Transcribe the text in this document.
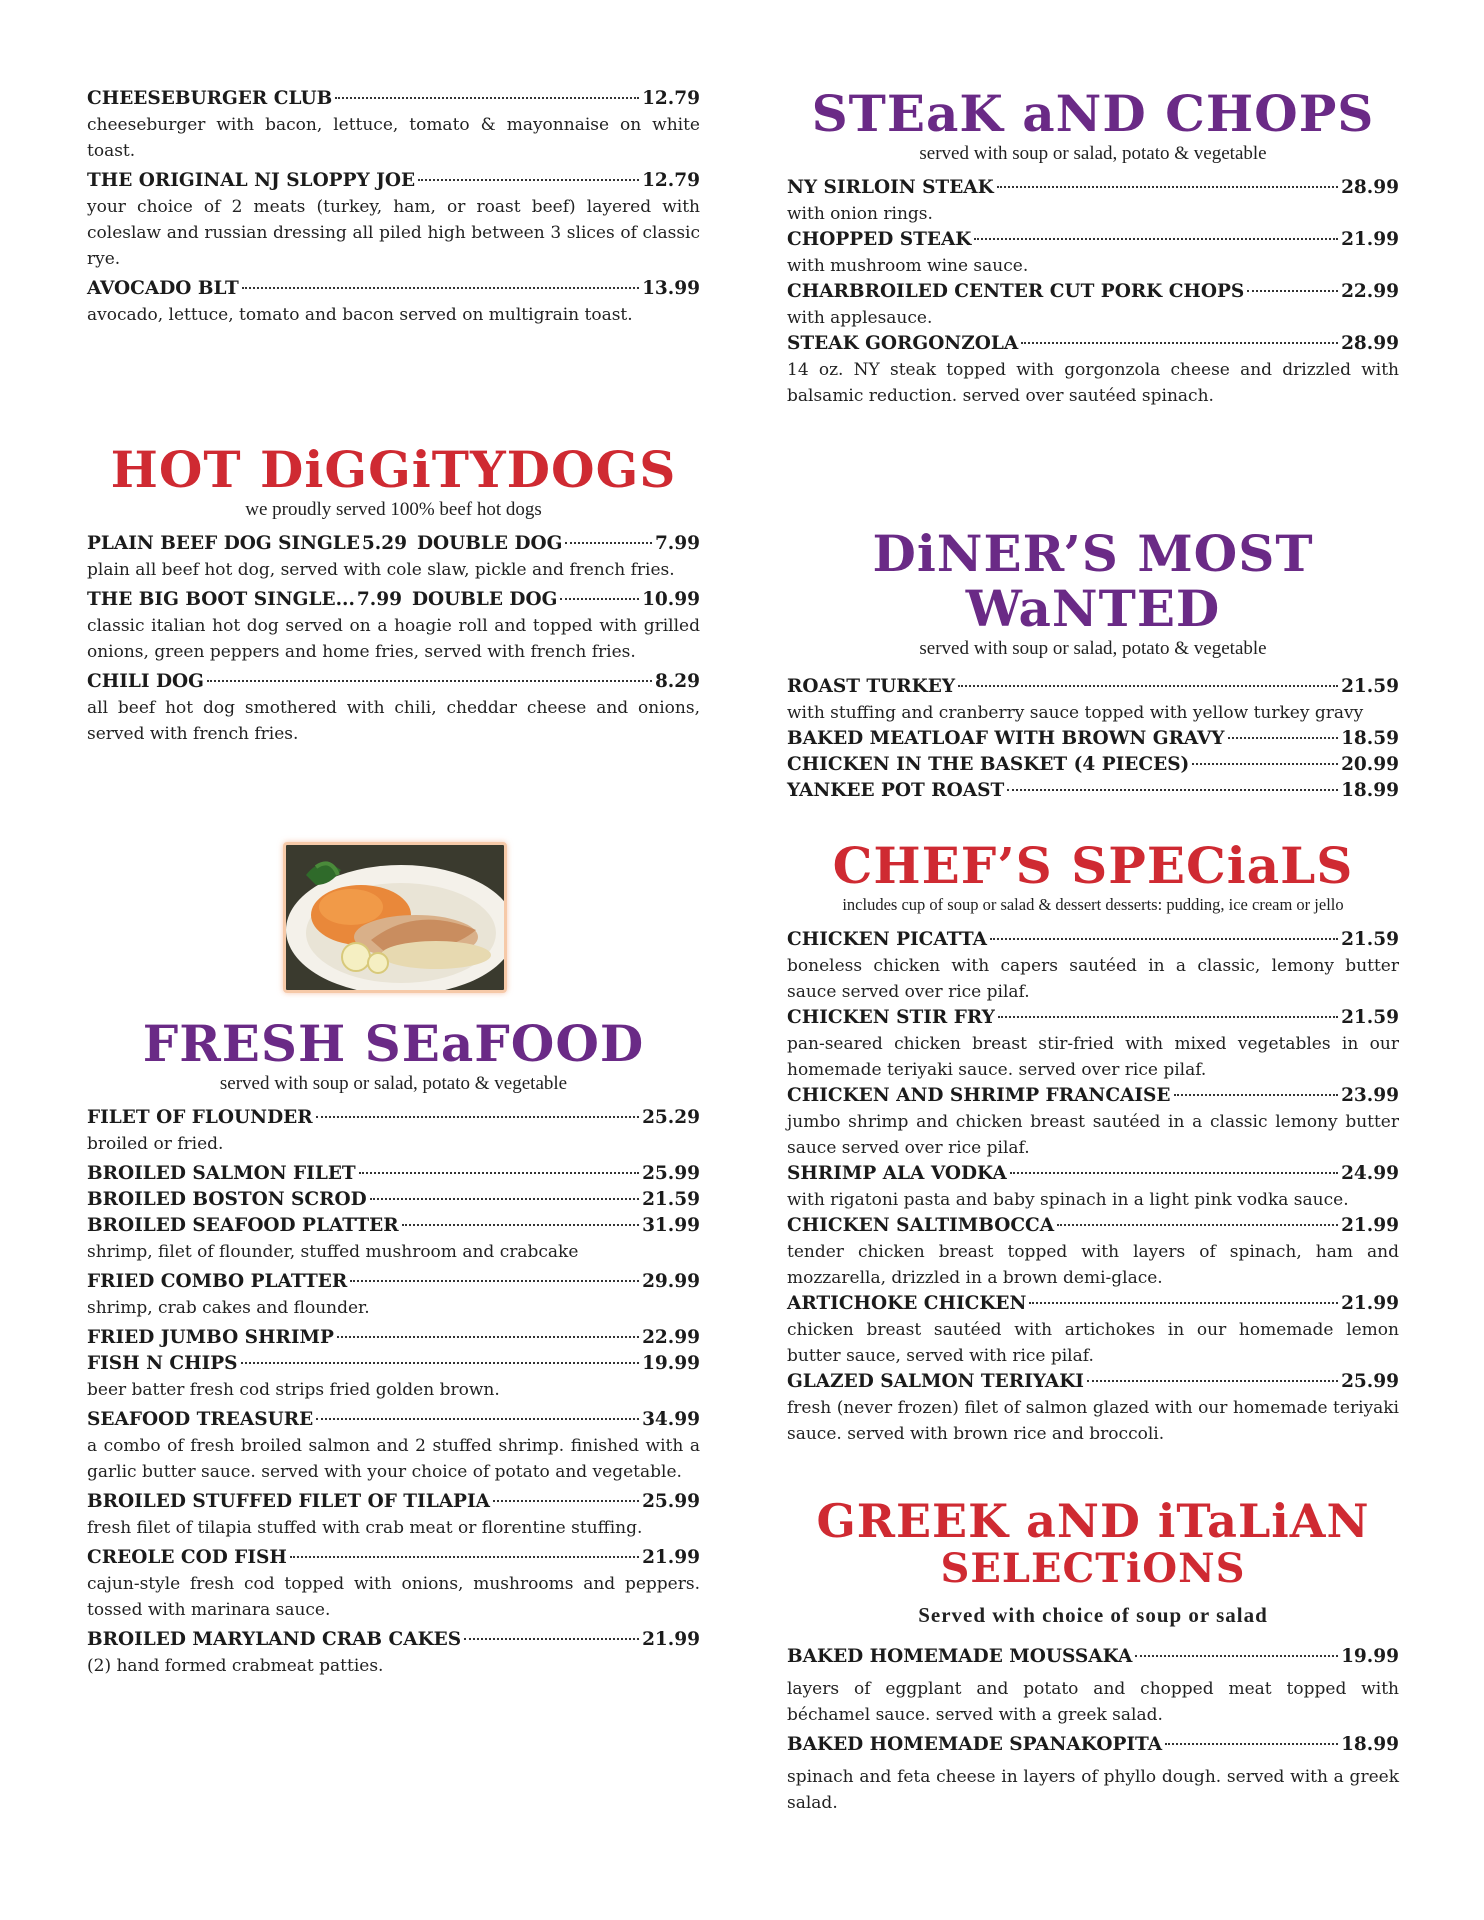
CHEESEBURGER CLUB	12.79

cheeseburger with bacon, lettuce, tomato & mayonnaise on white toast.

THE ORIGINAL NJ SLOPPY JOE	12.79

your choice of 2 meats (turkey, ham, or roast beef) layered with coleslaw and russian dressing all piled high between 3 slices of classic rye.

AVOCADO BLT	13.99

avocado, lettuce, tomato and bacon served on multigrain toast.

HOT DiGGiTYDOGS

we proudly served 100% beef hot dogs

PLAIN BEEF DOG SINGLE 5.29 DOUBLE DOG	7.99

plain all beef hot dog, served with cole slaw, pickle and french fries.

THE BIG BOOT SINGLE... 7.99 DOUBLE DOG	10.99

classic italian hot dog served on a hoagie roll and topped with grilled onions, green peppers and home fries, served with french fries.

CHILI DOG	8.29

all beef hot dog smothered with chili, cheddar cheese and onions, served with french fries.

FRESH SEaFOOD

served with soup or salad, potato & vegetable

FILET OF FLOUNDER	25.29

broiled or fried.

BROILED SALMON FILET	25.99
BROILED BOSTON SCROD	21.59
BROILED SEAFOOD PLATTER	31.99

shrimp, filet of flounder, stuffed mushroom and crabcake

FRIED COMBO PLATTER	29.99

shrimp, crab cakes and flounder.

FRIED JUMBO SHRIMP	22.99
FISH N CHIPS	19.99

beer batter fresh cod strips fried golden brown.

SEAFOOD TREASURE	34.99

a combo of fresh broiled salmon and 2 stuffed shrimp. finished with a garlic butter sauce. served with your choice of potato and vegetable.

BROILED STUFFED FILET OF TILAPIA	25.99

fresh filet of tilapia stuffed with crab meat or florentine stuffing.

CREOLE COD FISH	21.99

cajun-style fresh cod topped with onions, mushrooms and peppers. tossed with marinara sauce.

BROILED MARYLAND CRAB CAKES	21.99

(2) hand formed crabmeat patties.

STEaK aND CHOPS

served with soup or salad, potato & vegetable

NY SIRLOIN STEAK	28.99

with onion rings.

CHOPPED STEAK	21.99

with mushroom wine sauce.

CHARBROILED CENTER CUT PORK CHOPS	22.99

with applesauce.

STEAK GORGONZOLA	28.99

14 oz. NY steak topped with gorgonzola cheese and drizzled with balsamic reduction. served over sautéed spinach.

DiNER’S MOST WaNTED

served with soup or salad, potato & vegetable

ROAST TURKEY	21.59

with stuffing and cranberry sauce topped with yellow turkey gravy

BAKED MEATLOAF WITH BROWN GRAVY	18.59
CHICKEN IN THE BASKET (4 PIECES)	20.99
YANKEE POT ROAST	18.99
CHEF’S SPECiaLS

includes cup of soup or salad & dessert desserts: pudding, ice cream or jello

CHICKEN PICATTA	21.59

boneless chicken with capers sautéed in a classic, lemony butter sauce served over rice pilaf.

CHICKEN STIR FRY	21.59

pan-seared chicken breast stir-fried with mixed vegetables in our homemade teriyaki sauce. served over rice pilaf.

CHICKEN AND SHRIMP FRANCAISE	23.99

jumbo shrimp and chicken breast sautéed in a classic lemony butter sauce served over rice pilaf.

SHRIMP ALA VODKA	24.99

with rigatoni pasta and baby spinach in a light pink vodka sauce.

CHICKEN SALTIMBOCCA	21.99

tender chicken breast topped with layers of spinach, ham and mozzarella, drizzled in a brown demi-glace.

ARTICHOKE CHICKEN	21.99

chicken breast sautéed with artichokes in our homemade lemon butter sauce, served with rice pilaf.

GLAZED SALMON TERIYAKI	25.99

fresh (never frozen) filet of salmon glazed with our homemade teriyaki sauce. served with brown rice and broccoli.

GREEK aND iTaLiAN
SELECTiONS

Served with choice of soup or salad

BAKED HOMEMADE MOUSSAKA	19.99

layers of eggplant and potato and chopped meat topped with béchamel sauce. served with a greek salad.

BAKED HOMEMADE SPANAKOPITA	18.99

spinach and feta cheese in layers of phyllo dough. served with a greek salad.
